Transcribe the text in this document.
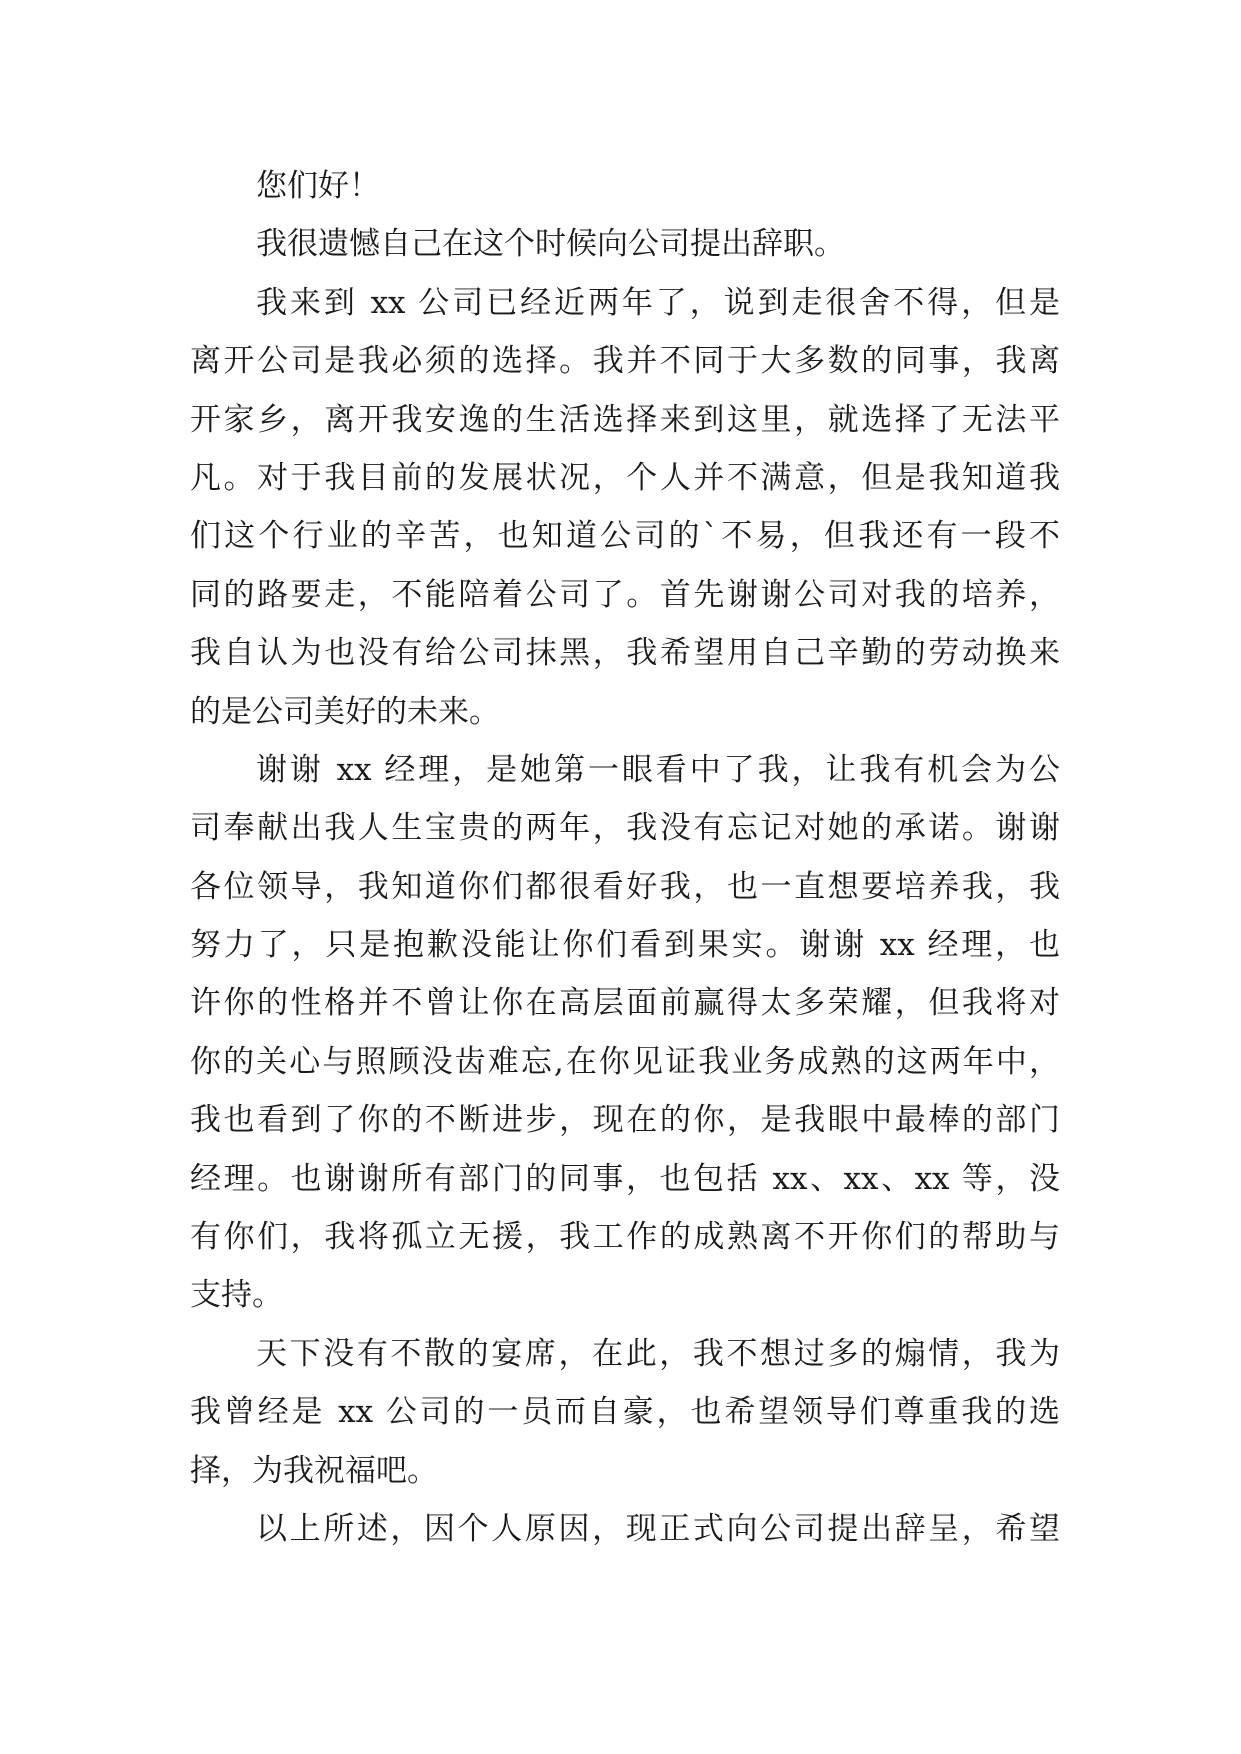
您们好！
我很遗憾自己在这个时候向公司提出辞职。
我来到 xx 公司已经近两年了，说到走很舍不得，但是
离开公司是我必须的选择。我并不同于大多数的同事，我离
开家乡，离开我安逸的生活选择来到这里，就选择了无法平
凡。对于我目前的发展状况，个人并不满意，但是我知道我
们这个行业的辛苦，也知道公司的`不易，但我还有一段不
同的路要走，不能陪着公司了。首先谢谢公司对我的培养，
我自认为也没有给公司抹黑，我希望用自己辛勤的劳动换来
的是公司美好的未来。
谢谢 xx 经理，是她第一眼看中了我，让我有机会为公
司奉献出我人生宝贵的两年，我没有忘记对她的承诺。谢谢
各位领导，我知道你们都很看好我，也一直想要培养我，我
努力了，只是抱歉没能让你们看到果实。谢谢 xx 经理，也
许你的性格并不曾让你在高层面前赢得太多荣耀，但我将对
你的关心与照顾没齿难忘,在你见证我业务成熟的这两年中，
我也看到了你的不断进步，现在的你，是我眼中最棒的部门
经理。也谢谢所有部门的同事，也包括 xx、xx、xx 等，没
有你们，我将孤立无援，我工作的成熟离不开你们的帮助与
支持。
天下没有不散的宴席，在此，我不想过多的煽情，我为
我曾经是 xx 公司的一员而自豪，也希望领导们尊重我的选
择，为我祝福吧。
以上所述，因个人原因，现正式向公司提出辞呈，希望
